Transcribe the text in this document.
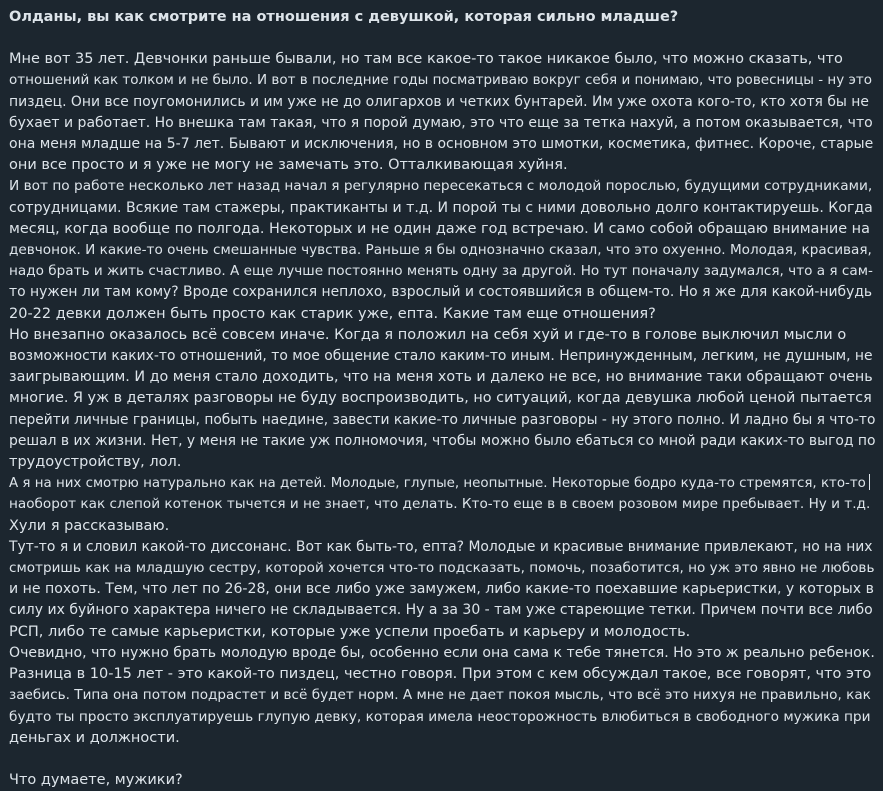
Олданы, вы как смотрите на отношения с девушкой, которая сильно младше?
Мне вот 35 лет. Девчонки раньше бывали, но там все какое-то такое никакое было, что можно сказать, что
отношений как толком и не было. И вот в последние годы посматриваю вокруг себя и понимаю, что ровесницы - ну это
пиздец. Они все поугомонились и им уже не до олигархов и четких бунтарей. Им уже охота кого-то, кто хотя бы не
бухает и работает. Но внешка там такая, что я порой думаю, это что еще за тетка нахуй, а потом оказывается, что
она меня младше на 5-7 лет. Бывают и исключения, но в основном это шмотки, косметика, фитнес. Короче, старые
они все просто и я уже не могу не замечать это. Отталкивающая хуйня.
И вот по работе несколько лет назад начал я регулярно пересекаться с молодой порослью, будущими сотрудниками,
сотрудницами. Всякие там стажеры, практиканты и т.д. И порой ты с ними довольно долго контактируешь. Когда
месяц, когда вообще по полгода. Некоторых и не один даже год встречаю. И само собой обращаю внимание на
девчонок. И какие-то очень смешанные чувства. Раньше я бы однозначно сказал, что это охуенно. Молодая, красивая,
надо брать и жить счастливо. А еще лучше постоянно менять одну за другой. Но тут поначалу задумался, что а я сам-
то нужен ли там кому? Вроде сохранился неплохо, взрослый и состоявшийся в общем-то. Но я же для какой-нибудь
20-22 девки должен быть просто как старик уже, епта. Какие там еще отношения?
Но внезапно оказалось всё совсем иначе. Когда я положил на себя хуй и где-то в голове выключил мысли о
возможности каких-то отношений, то мое общение стало каким-то иным. Непринужденным, легким, не душным, не
заигрывающим. И до меня стало доходить, что на меня хоть и далеко не все, но внимание таки обращают очень
многие. Я уж в деталях разговоры не буду воспроизводить, но ситуаций, когда девушка любой ценой пытается
перейти личные границы, побыть наедине, завести какие-то личные разговоры - ну этого полно. И ладно бы я что-то
решал в их жизни. Нет, у меня не такие уж полномочия, чтобы можно было ебаться со мной ради каких-то выгод по
трудоустройству, лол.
А я на них смотрю натурально как на детей. Молодые, глупые, неопытные. Некоторые бодро куда-то стремятся, кто-то
наоборот как слепой котенок тычется и не знает, что делать. Кто-то еще в в своем розовом мире пребывает. Ну и т.д.
Хули я рассказываю.
Тут-то я и словил какой-то диссонанс. Вот как быть-то, епта? Молодые и красивые внимание привлекают, но на них
смотришь как на младшую сестру, которой хочется что-то подсказать, помочь, позаботится, но уж это явно не любовь
и не похоть. Тем, что лет по 26-28, они все либо уже замужем, либо какие-то поехавшие карьеристки, у которых в
силу их буйного характера ничего не складывается. Ну а за 30 - там уже стареющие тетки. Причем почти все либо
РСП, либо те самые карьеристки, которые уже успели проебать и карьеру и молодость.
Очевидно, что нужно брать молодую вроде бы, особенно если она сама к тебе тянется. Но это ж реально ребенок.
Разница в 10-15 лет - это какой-то пиздец, честно говоря. При этом с кем обсуждал такое, все говорят, что это
заебись. Типа она потом подрастет и всё будет норм. А мне не дает покоя мысль, что всё это нихуя не правильно, как
будто ты просто эксплуатируешь глупую девку, которая имела неосторожность влюбиться в свободного мужика при
деньгах и должности.
Что думаете, мужики?
